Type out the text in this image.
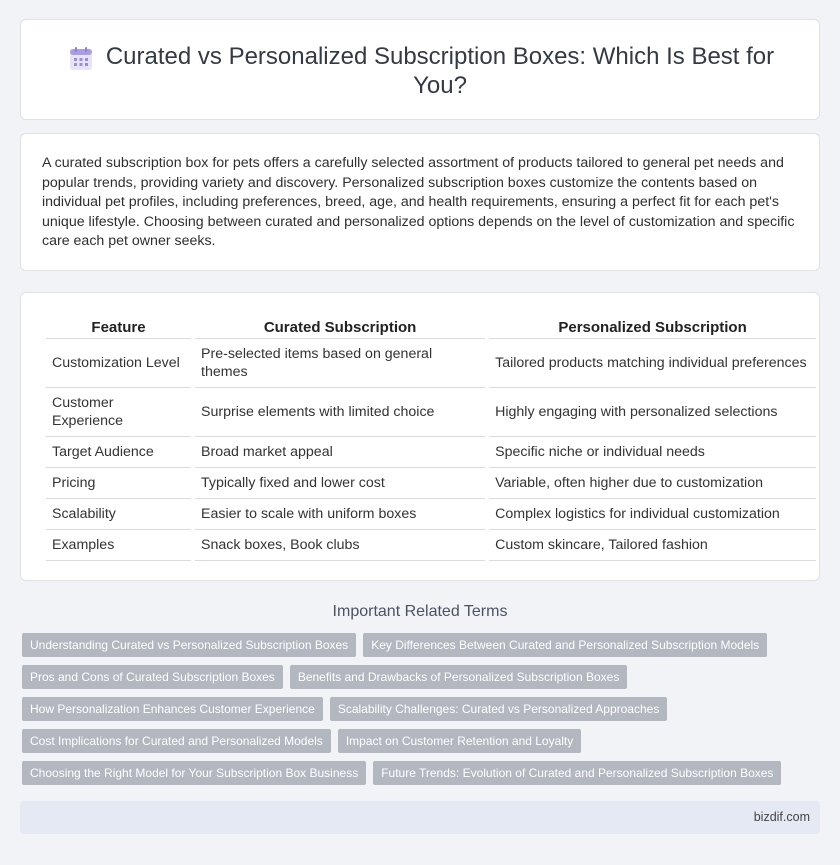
Curated vs Personalized Subscription Boxes: Which Is Best for You?

A curated subscription box for pets offers a carefully selected assortment of products tailored to general pet needs and popular trends, providing variety and discovery. Personalized subscription boxes customize the contents based on individual pet profiles, including preferences, breed, age, and health requirements, ensuring a perfect fit for each pet's unique lifestyle. Choosing between curated and personalized options depends on the level of customization and specific care each pet owner seeks.

Feature	Curated Subscription	Personalized Subscription
Customization Level	Pre-selected items based on general themes	Tailored products matching individual preferences
Customer Experience	Surprise elements with limited choice	Highly engaging with personalized selections
Target Audience	Broad market appeal	Specific niche or individual needs
Pricing	Typically fixed and lower cost	Variable, often higher due to customization
Scalability	Easier to scale with uniform boxes	Complex logistics for individual customization
Examples	Snack boxes, Book clubs	Custom skincare, Tailored fashion
Important Related Terms
Understanding Curated vs Personalized Subscription Boxes	Key Differences Between Curated and Personalized Subscription Models
Pros and Cons of Curated Subscription Boxes	Benefits and Drawbacks of Personalized Subscription Boxes
How Personalization Enhances Customer Experience	Scalability Challenges: Curated vs Personalized Approaches
Cost Implications for Curated and Personalized Models	Impact on Customer Retention and Loyalty
Choosing the Right Model for Your Subscription Box Business	Future Trends: Evolution of Curated and Personalized Subscription Boxes
bizdif.com
